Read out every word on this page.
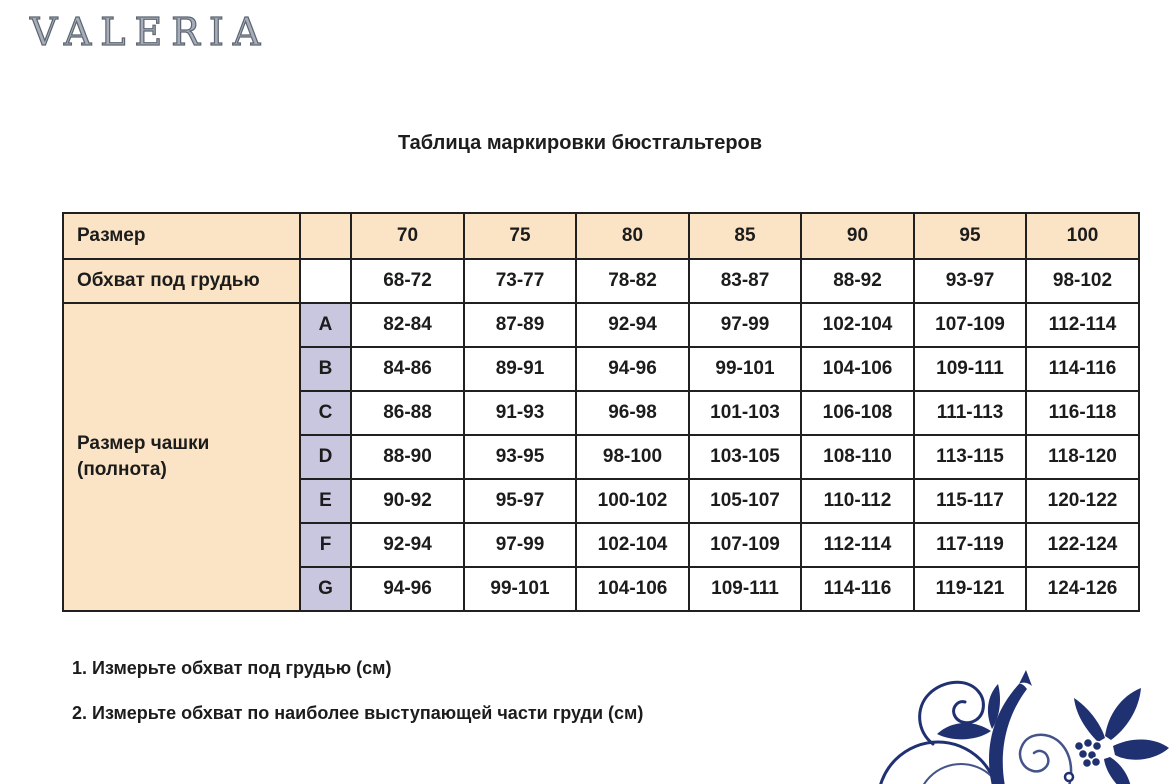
VALERIA
Таблица маркировки бюстгальтеров
Размер		70	75	80	85	90	95	100
Обхват под грудью		68-72	73-77	78-82	83-87	88-92	93-97	98-102

Размер чашки
(полнота)	A	82-84	87-89	92-94	97-99	102-104	107-109	112-114
	B	84-86	89-91	94-96	99-101	104-106	109-111	114-116
	C	86-88	91-93	96-98	101-103	106-108	111-113	116-118
	D	88-90	93-95	98-100	103-105	108-110	113-115	118-120
	E	90-92	95-97	100-102	105-107	110-112	115-117	120-122
	F	92-94	97-99	102-104	107-109	112-114	117-119	122-124
	G	94-96	99-101	104-106	109-111	114-116	119-121	124-126

1. Измерьте обхват под грудью (см)

2. Измерьте обхват по наиболее выступающей части груди (см)
